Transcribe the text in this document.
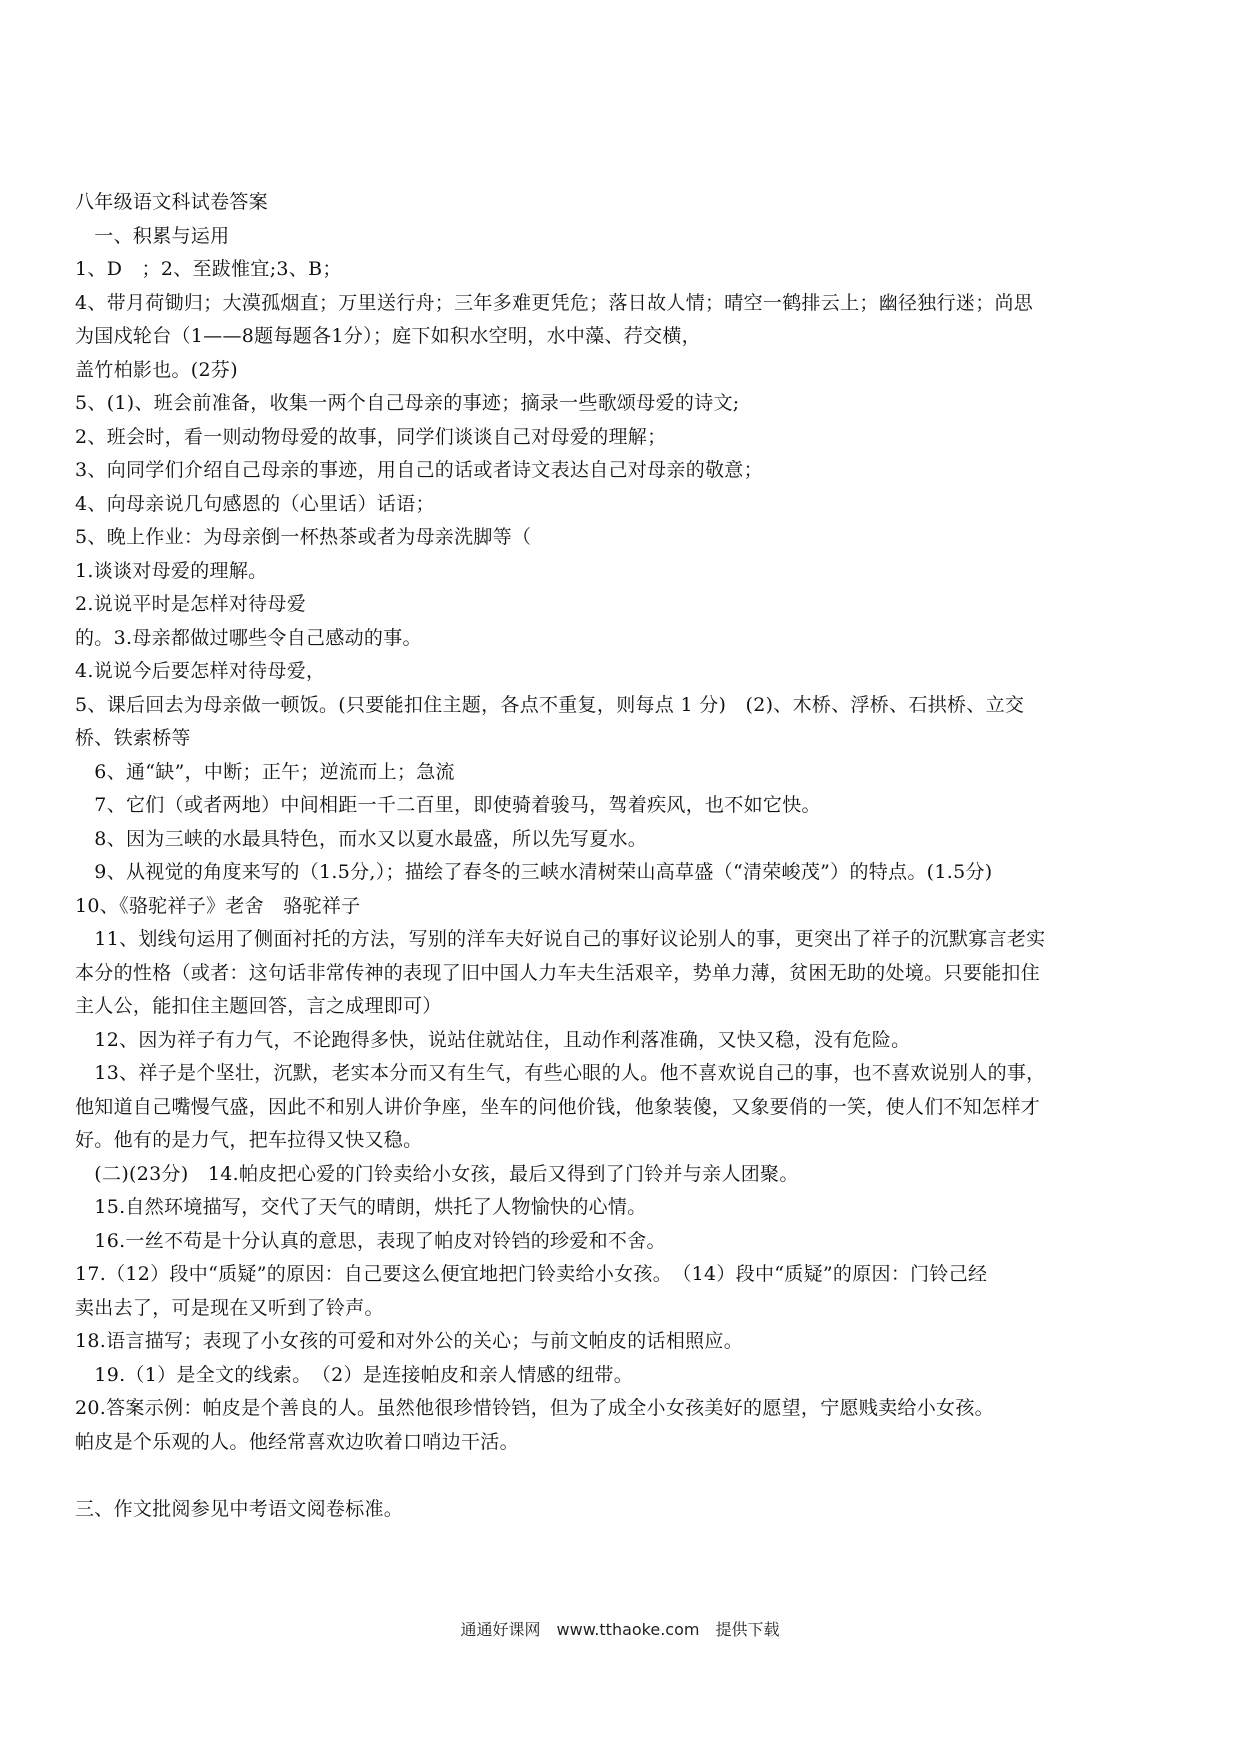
八年级语文科试卷答案
　一、积累与运用
1、D　；2、至跋惟宜;3、B；
4、带月荷锄归；大漠孤烟直；万里送行舟；三年多难更凭危；落日故人情；晴空一鹤排云上；幽径独行迷；尚思
为国戍轮台（1——8题每题各1分）；庭下如积水空明，水中藻、荇交横，
盖竹柏影也。(2芬)
5、(1)、班会前准备，收集一两个自己母亲的事迹；摘录一些歌颂母爱的诗文;
2、班会时，看一则动物母爱的故事，同学们谈谈自己对母爱的理解；
3、向同学们介绍自己母亲的事迹，用自己的话或者诗文表达自己对母亲的敬意；
4、向母亲说几句感恩的（心里话）话语；
5、晚上作业：为母亲倒一杯热茶或者为母亲洗脚等（
1.谈谈对母爱的理解。
2.说说平时是怎样对待母爱
的。3.母亲都做过哪些令自己感动的事。
4.说说今后要怎样对待母爱，
5、课后回去为母亲做一顿饭。(只要能扣住主题，各点不重复，则每点 1 分)　(2)、木桥、浮桥、石拱桥、立交
桥、铁索桥等
　6、通“缺”，中断；正午；逆流而上；急流
　7、它们（或者两地）中间相距一千二百里，即使骑着骏马，驾着疾风，也不如它快。
　8、因为三峡的水最具特色，而水又以夏水最盛，所以先写夏水。
　9、从视觉的角度来写的（1.5分,）；描绘了春冬的三峡水清树荣山高草盛（“清荣峻茂”）的特点。(1.5分)
10、《骆驼祥子》老舍　骆驼祥子
　11、划线句运用了侧面衬托的方法，写别的洋车夫好说自己的事好议论别人的事，更突出了祥子的沉默寡言老实
本分的性格（或者：这句话非常传神的表现了旧中国人力车夫生活艰辛，势单力薄，贫困无助的处境。只要能扣住
主人公，能扣住主题回答，言之成理即可）
　12、因为祥子有力气，不论跑得多快，说站住就站住，且动作利落准确，又快又稳，没有危险。
　13、祥子是个坚壮，沉默，老实本分而又有生气，有些心眼的人。他不喜欢说自己的事，也不喜欢说别人的事，
他知道自己嘴慢气盛，因此不和别人讲价争座，坐车的问他价钱，他象装傻，又象要俏的一笑，使人们不知怎样才
好。他有的是力气，把车拉得又快又稳。
　(二)(23分)　14.帕皮把心爱的门铃卖给小女孩，最后又得到了门铃并与亲人团聚。
　15.自然环境描写，交代了天气的晴朗，烘托了人物愉快的心情。
　16.一丝不苟是十分认真的意思，表现了帕皮对铃铛的珍爱和不舍。
17.（12）段中“质疑”的原因：自己要这么便宜地把门铃卖给小女孩。　（14）段中“质疑”的原因：门铃己经
卖出去了，可是现在又听到了铃声。
18.语言描写；表现了小女孩的可爱和对外公的关心；与前文帕皮的话相照应。
　19.（1）是全文的线索。　（2）是连接帕皮和亲人情感的纽带。
20.答案示例：帕皮是个善良的人。虽然他很珍惜铃铛，但为了成全小女孩美好的愿望，宁愿贱卖给小女孩。
帕皮是个乐观的人。他经常喜欢边吹着口哨边干活。
三、作文批阅参见中考语文阅卷标准。
通通好课网　www.tthaoke.com　提供下载
